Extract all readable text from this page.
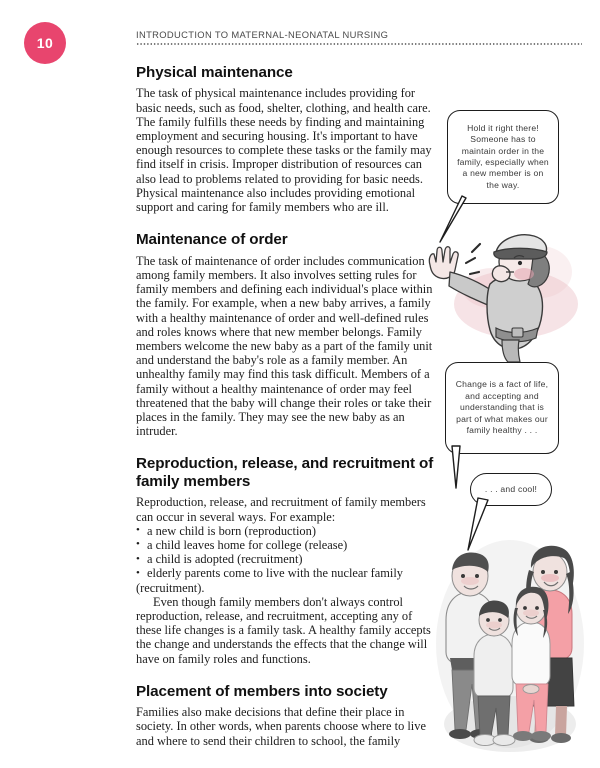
10
INTRODUCTION TO MATERNAL-NEONATAL NURSING
Physical maintenance

The task of physical maintenance includes providing for basic needs, such as food, shelter, clothing, and health care. The family fulfills these needs by finding and maintaining employment and securing housing. It's important to have enough resources to complete these tasks or the family may find itself in crisis. Improper distribution of resources can also lead to problems related to providing for basic needs. Physical maintenance also includes providing emotional support and caring for family members who are ill.

Maintenance of order

The task of maintenance of order includes communication among family members. It also involves setting rules for family members and defining each individual's place within the family. For example, when a new baby arrives, a family with a healthy maintenance of order and well-defined rules and roles knows where that new member belongs. Family members welcome the new baby as a part of the family unit and understand the baby's role as a family member. An unhealthy family may find this task difficult. Members of a family without a healthy maintenance of order may feel threatened that the baby will change their roles or take their places in the family. They may see the new baby as an intruder.

Reproduction, release, and recruitment of family members

Reproduction, release, and recruitment of family members can occur in several ways. For example:

• a new child is born (reproduction)
• a child leaves home for college (release)
• a child is adopted (recruitment)
• elderly parents come to live with the nuclear family

(recruitment).

Even though family members don't always control reproduction, release, and recruitment, accepting any of these life changes is a family task. A healthy family accepts the change and understands the effects that the change will have on family roles and functions.

Placement of members into society

Families also make decisions that define their place in society. In other words, when parents choose where to live and where to send their children to school, the family

Hold it right there! Someone has to maintain order in the family, especially when a new member is on the way.
Change is a fact of life, and accepting and understanding that is part of what makes our family healthy . . .
. . . and cool!
